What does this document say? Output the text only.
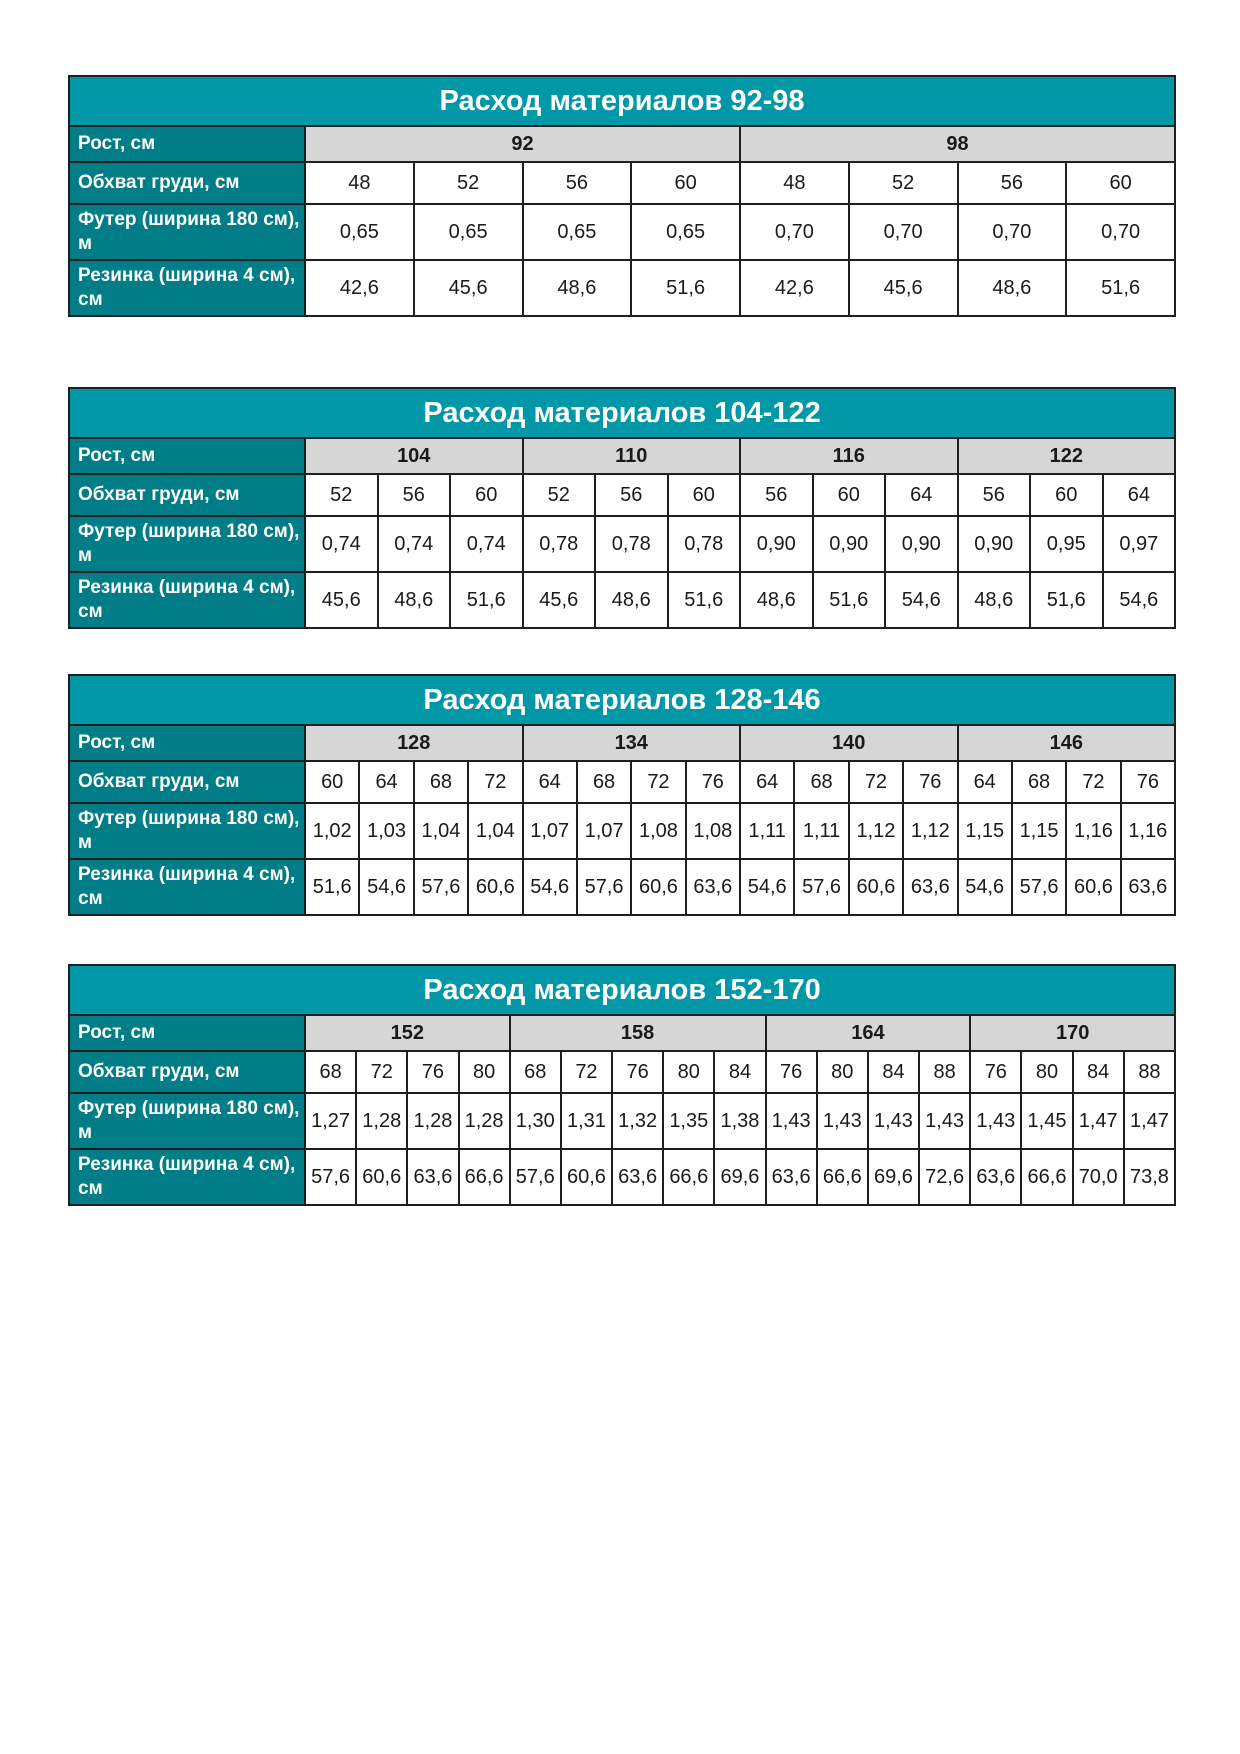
Расход материалов 92-98								
Рост, см	92				98			
Обхват груди, см	48	52	56	60	48	52	56	60
Футер (ширина 180 см), м	0,65	0,65	0,65	0,65	0,70	0,70	0,70	0,70
Резинка (ширина 4 см), см	42,6	45,6	48,6	51,6	42,6	45,6	48,6	51,6
Расход материалов 104-122												
Рост, см	104			110			116			122		
Обхват груди, см	52	56	60	52	56	60	56	60	64	56	60	64
Футер (ширина 180 см), м	0,74	0,74	0,74	0,78	0,78	0,78	0,90	0,90	0,90	0,90	0,95	0,97
Резинка (ширина 4 см), см	45,6	48,6	51,6	45,6	48,6	51,6	48,6	51,6	54,6	48,6	51,6	54,6
Расход материалов 128-146																
Рост, см	128				134				140				146			
Обхват груди, см	60	64	68	72	64	68	72	76	64	68	72	76	64	68	72	76
Футер (ширина 180 см), м	1,02	1,03	1,04	1,04	1,07	1,07	1,08	1,08	1,11	1,11	1,12	1,12	1,15	1,15	1,16	1,16
Резинка (ширина 4 см), см	51,6	54,6	57,6	60,6	54,6	57,6	60,6	63,6	54,6	57,6	60,6	63,6	54,6	57,6	60,6	63,6
Расход материалов 152-170																	
Рост, см	152				158					164				170			
Обхват груди, см	68	72	76	80	68	72	76	80	84	76	80	84	88	76	80	84	88
Футер (ширина 180 см), м	1,27	1,28	1,28	1,28	1,30	1,31	1,32	1,35	1,38	1,43	1,43	1,43	1,43	1,43	1,45	1,47	1,47
Резинка (ширина 4 см), см	57,6	60,6	63,6	66,6	57,6	60,6	63,6	66,6	69,6	63,6	66,6	69,6	72,6	63,6	66,6	70,0	73,8
